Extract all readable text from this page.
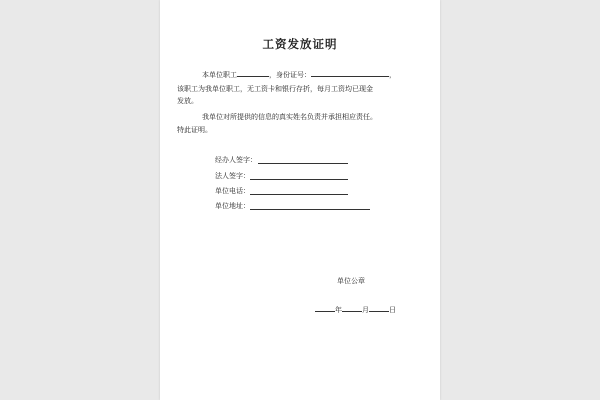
工资发放证明
本单位职工	，身份证号：	，
该职工为我单位职工，无工资卡和银行存折，每月工资均已现金
发放。
我单位对所提供的信息的真实姓名负责并承担相应责任。
特此证明。
经办人签字：
法人签字：
单位电话：
单位地址：
单位公章
年	月	日
